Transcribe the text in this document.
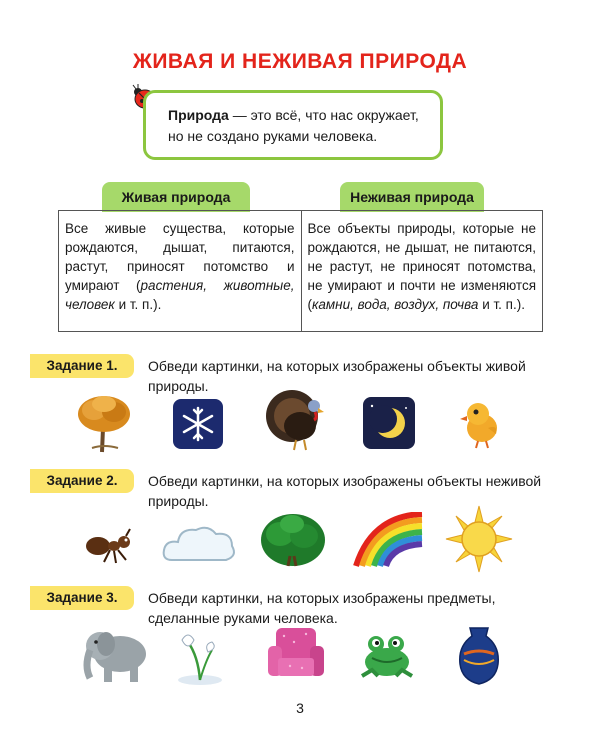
ЖИВАЯ И НЕЖИВАЯ ПРИРОДА
Природа — это всё, что нас окружает,
но не создано руками человека.
Живая природа	Неживая природа
Все живые существа, которые рождаются, дышат, питаются, растут, приносят потомство и умирают (растения, животные, человек и т. п.).
Все объекты природы, которые не рождаются, не дышат, не питаются, не растут, не приносят потомства, не умирают и почти не изменяются (камни, вода, воздух, почва и т. п.).
Задание 1.	Обведи картинки, на которых изображены объекты живой природы.
Задание 2.	Обведи картинки, на которых изображены объекты неживой природы.
Задание 3.	Обведи картинки, на которых изображены предметы, сделанные руками человека.
3
